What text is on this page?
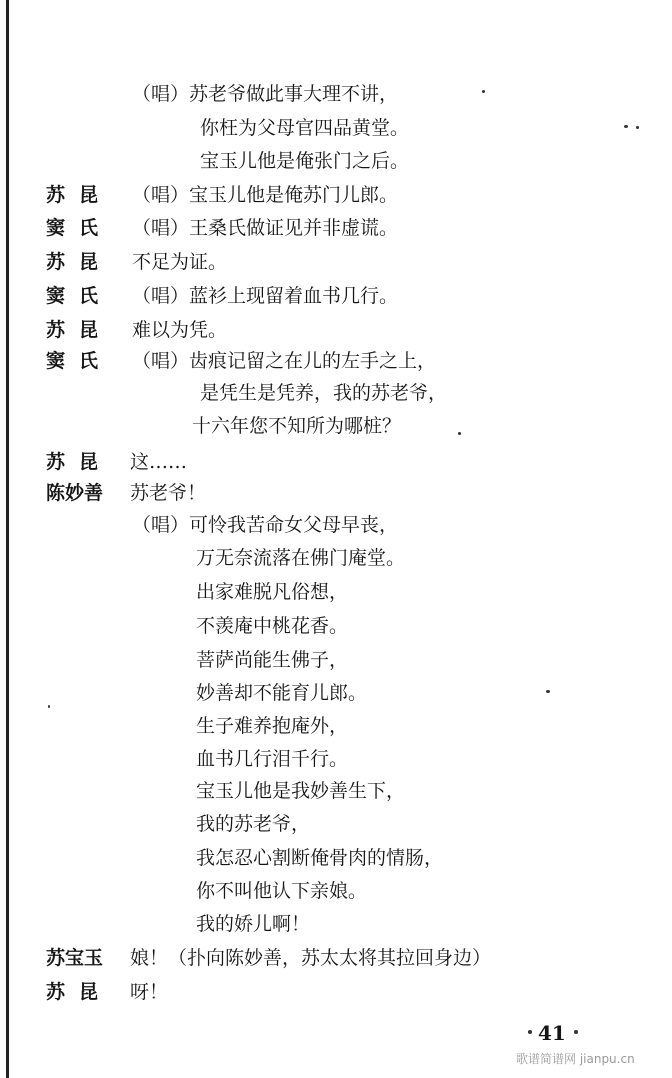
（唱）苏老爷做此事大理不讲，
你枉为父母官四品黄堂。
宝玉儿他是俺张门之后。
苏昆	（唱）宝玉儿他是俺苏门儿郎。
窦氏	（唱）王桑氏做证见并非虚谎。
苏昆	不足为证。
窦氏	（唱）蓝衫上现留着血书几行。
苏昆	难以为凭。
窦氏	（唱）齿痕记留之在儿的左手之上，
是凭生是凭养，我的苏老爷，
十六年您不知所为哪桩？
苏昆 这……
陈妙善	苏老爷！
（唱）可怜我苦命女父母早丧，
万无奈流落在佛门庵堂。
出家难脱凡俗想，
不羡庵中桃花香。
菩萨尚能生佛子，
妙善却不能育儿郎。
生子难养抱庵外，
血书几行泪千行。
宝玉儿他是我妙善生下，
我的苏老爷，
我怎忍心割断俺骨肉的情肠，
你不叫他认下亲娘。
我的娇儿啊！
苏宝玉	娘！（扑向陈妙善，苏太太将其拉回身边）
苏昆 呀！
41
歌谱简谱网 jianpu.cn
